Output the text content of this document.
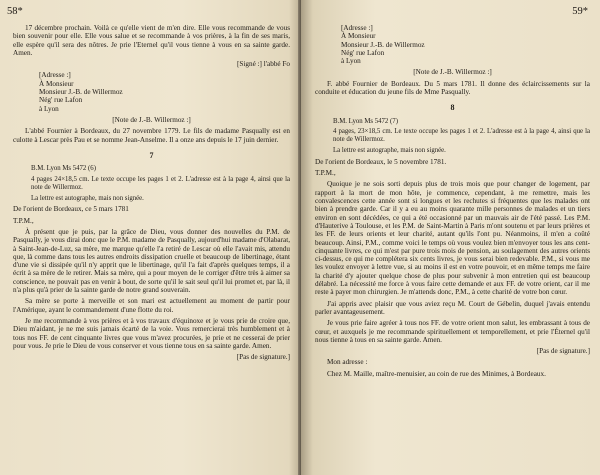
58*

17 décembre prochain. Voilà ce qu'elle vient de m'en dire. Elle vous recommande de vous bien souvenir pour elle. Elle vous salue et se recommande à vos prières, à la fin de ses maris, elle espère qu'il sera des nôtres. Je prie l'Eternel qu'il vous tienne à vous en sa sainte garde. Amen.

[Signé :] l'abbé Fo

[Adresse :]
À Monsieur
Monsieur J.-B. de Willermoz
Nég' rue Lafon
à Lyon

[Note de J.-B. Willermoz :]

L'abbé Fournier à Bordeaux, du 27 novembre 1779. Le fils de madame Pasqually est en culotte à Lescar près Pau et se nomme Jean-Anselme. Il a onze ans depuis le 17 juin dernier.

7

B.M. Lyon Ms 5472 (6)

4 pages 24×18,5 cm. Le texte occupe les pages 1 et 2. L'adresse est à la page 4, ainsi que la note de Willermoz.

La lettre est autographe, mais non signée.

De l'orient de Bordeaux, ce 5 mars 1781

T.P.M.,

À présent que je puis, par la grâce de Dieu, vous donner des nouvelles du P.M. de Pasqually, je vous dirai donc que le P.M. madame de Pasqually, aujourd'hui madame d'Olabarat, à Saint-Jean-de-Luz, sa mère, me marque qu'elle l'a retiré de Lescar où elle l'avait mis, attendu que, là comme dans tous les autres endroits dissipation cruelle et beaucoup de libertinage, étant d'une vie si dissipée qu'il n'y apprit que le libertinage, qu'il l'a fait d'après quelques temps, il a écrit à sa mère de le retirer. Mais sa mère, qui a pour moyen de le corriger d'être très à aimer sa conscience, ne pouvait pas en venir à bout, de sorte qu'il le sait seul qu'il lui promet et, par là, il n'a plus qu'à prier de la sainte garde de notre grand souverain.

Sa mère se porte à merveille et son mari est actuellement au moment de partir pour l'Amérique, ayant le commandement d'une flotte du roi.

Je me recommande à vos prières et à vos travaux d'équinoxe et je vous prie de croire que, Dieu m'aidant, je ne me suis jamais écarté de la voie. Vous remercierai très humblement et à tous nos FF. de cent cinquante livres que vous m'avez procurées, je prie et ne cesserai de prier pour vous. Je prie le Dieu de vous conserver et vous tienne tous en sa sainte garde. Amen.

[Pas de signature.]

59*

[Adresse :]
À Monsieur
Monsieur J.-B. de Willermoz
Nég' rue Lafon
à Lyon

[Note de J.-B. Willermoz :]

F. abbé Fournier de Bordeaux. Du 5 mars 1781. Il donne des éclaircissements sur la conduite et éducation du jeune fils de Mme Pasqually.

8

B.M. Lyon Ms 5472 (7)

4 pages, 23×18,5 cm. Le texte occupe les pages 1 et 2. L'adresse est à la page 4, ainsi que la note de Willermoz.

La lettre est autographe, mais non signée.

De l'orient de Bordeaux, le 5 novembre 1781.

T.P.M.,

Quoique je ne sois sorti depuis plus de trois mois que pour changer de logement, par rapport à la mort de mon hôte, je commence, cependant, à me remettre, mais les convalescences cette année sont si longues et les rechutes si fréquentes que les malades ont bien à prendre garde. Car il y a eu au moins quarante mille personnes de malades et un tiers environ en sont décédées, ce qui a été occasionné par un mauvais air de l'été passé. Les P.M. d'Hauterive à Toulouse, et les P.M. de Saint-Martin à Paris m'ont soutenu et par leurs prières et les FF. de leurs orients et leur charité, autant qu'ils l'ont pu. Néanmoins, il m'en a coûté beaucoup. Ainsi, P.M., comme voici le temps où vous voulez bien m'envoyer tous les ans cent-cinquante livres, ce qui m'est par pure trois mois de pension, au soulagement des autres orients ci-dessus, ce qui me complétera six cents livres, je vous serai bien redevable. P.M., si vous me les voulez envoyer à lettre vue, si au moins il est en votre pouvoir, et en même temps me faire la charité d'y ajouter quelque chose de plus pour subvenir à mon entretien qui est beaucoup délabré. La nécessité me force à vous faire cette demande et aux FF. de votre orient, car il me reste à payer mon chirurgien. Je m'attends donc, P.M., à cette charité de votre bon cœur.

J'ai appris avec plaisir que vous aviez reçu M. Court de Gébelin, duquel j'avais entendu parler avantageusement.

Je vous prie faire agréer à tous nos FF. de votre orient mon salut, les embrassant à tous de cœur, et auxquels je me recommande spirituellement et temporellement, et prie l'Éternel qu'il nous tienne à tous en sa sainte garde. Amen.

[Pas de signature.]

Mon adresse :

Chez M. Maille, maître-menuisier, au coin de rue des Minimes, à Bordeaux.
